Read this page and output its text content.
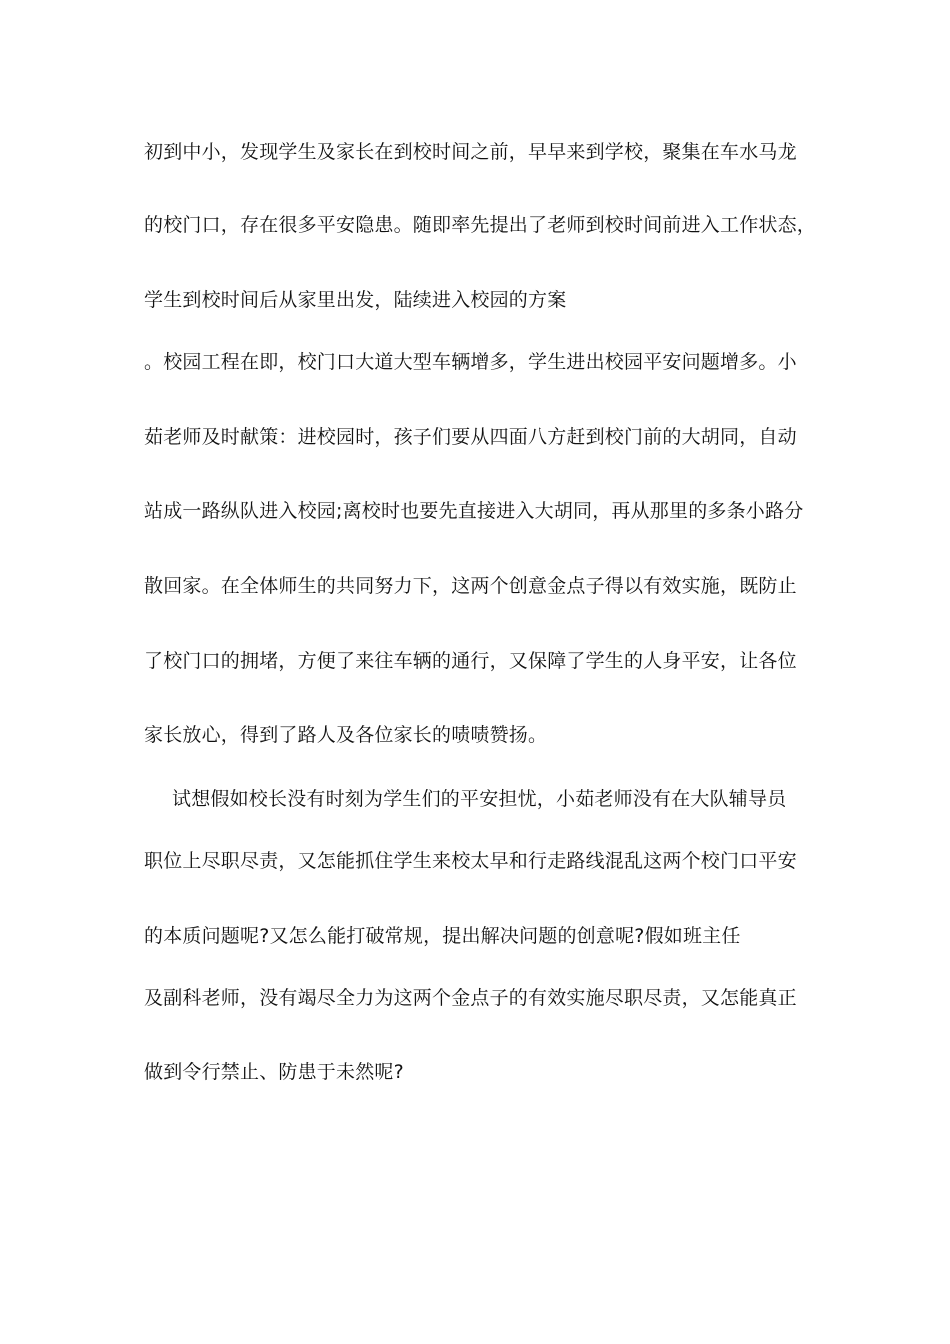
初到中小，发现学生及家长在到校时间之前，早早来到学校，聚集在车水马龙
的校门口，存在很多平安隐患。随即率先提出了老师到校时间前进入工作状态，
学生到校时间后从家里出发，陆续进入校园的方案
。校园工程在即，校门口大道大型车辆增多，学生进出校园平安问题增多。小
茹老师及时献策：进校园时，孩子们要从四面八方赶到校门前的大胡同，自动
站成一路纵队进入校园;离校时也要先直接进入大胡同，再从那里的多条小路分
散回家。在全体师生的共同努力下，这两个创意金点子得以有效实施，既防止
了校门口的拥堵，方便了来往车辆的通行，又保障了学生的人身平安，让各位
家长放心，得到了路人及各位家长的啧啧赞扬。
试想假如校长没有时刻为学生们的平安担忧，小茹老师没有在大队辅导员
职位上尽职尽责，又怎能抓住学生来校太早和行走路线混乱这两个校门口平安
的本质问题呢?又怎么能打破常规，提出解决问题的创意呢?假如班主任
及副科老师，没有竭尽全力为这两个金点子的有效实施尽职尽责，又怎能真正
做到令行禁止、防患于未然呢?
